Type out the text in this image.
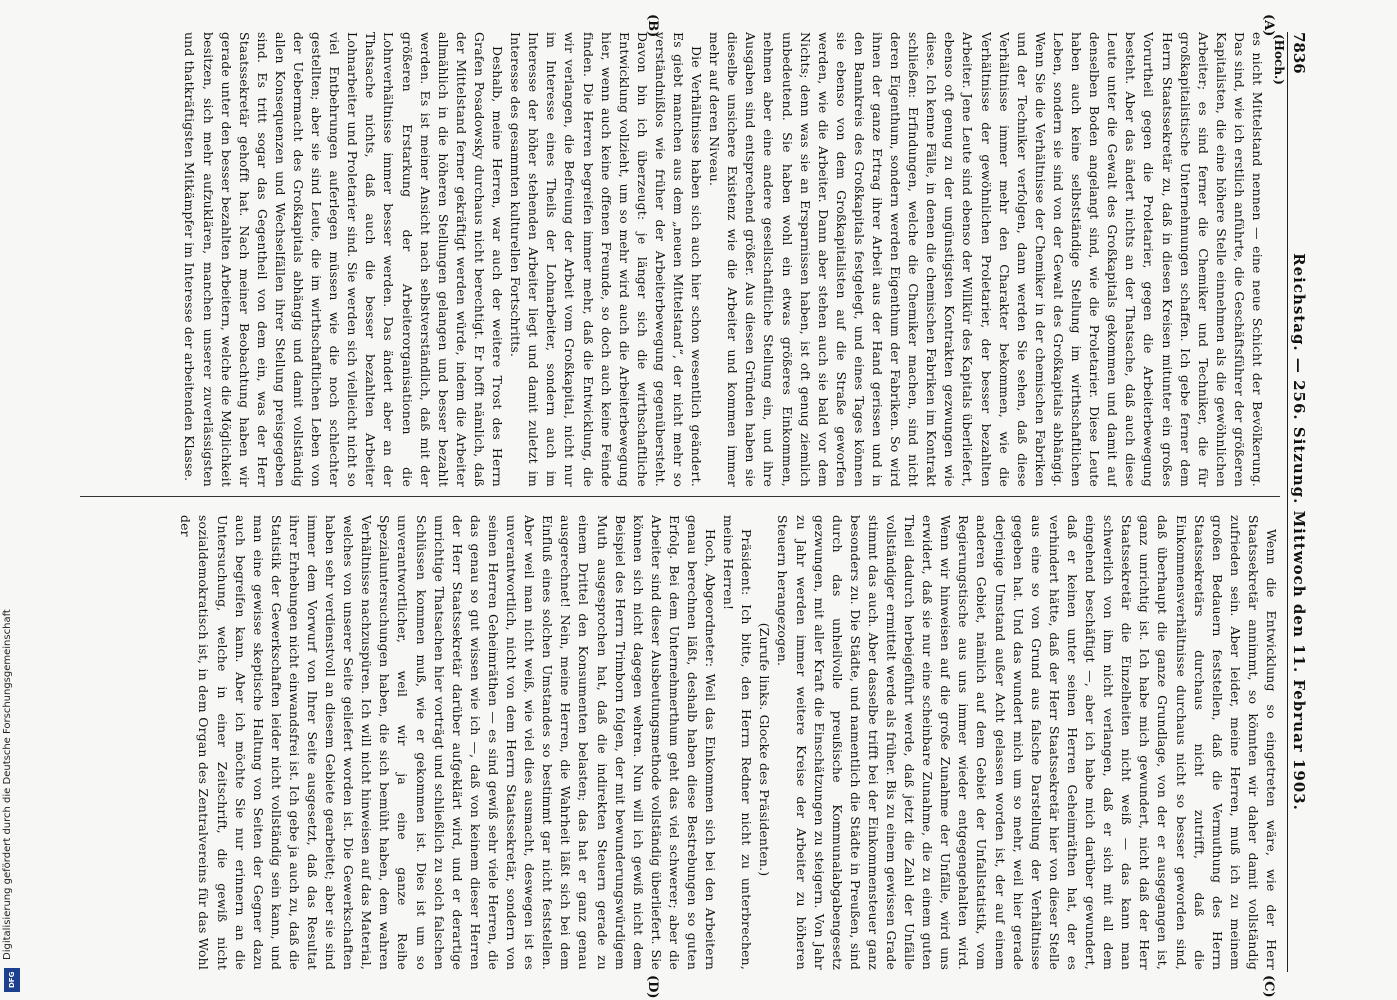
Digitalisierung gefördert durch die Deutsche Forschungsgemeinschaft
DFG
7836
Reichstag. — 256. Sitzung. Mittwoch den 11. Februar 1903.
(Hoch.)
(A)
(B)
(C)
(D)

es nicht Mittelstand nennen — eine neue Schicht der Bevölkerung. Das sind, wie ich erstlich anführte, die Geschäftsführer der größeren Kapitalisten, die eine höhere Stelle einnehmen als die gewöhnlichen Arbeiter; es sind ferner die Chemiker und Techniker, die für großkapitalistische Unternehmungen schaffen. Ich gebe ferner dem Herrn Staatssekretär zu, daß in diesen Kreisen mitunter ein großes Vorurtheil gegen die Proletarier, gegen die Arbeiterbewegung besteht. Aber das ändert nichts an der Thatsache, daß auch diese Leute unter die Gewalt des Großkapitals gekommen und damit auf denselben Boden angelangt sind, wie die Proletarier. Diese Leute haben auch keine selbstständige Stellung im wirthschaftlichen Leben, sondern sie sind von der Gewalt des Großkapitals abhängig. Wenn Sie die Verhältnisse der Chemiker in der chemischen Fabriken und der Techniker verfolgen, dann werden Sie sehen, daß diese Verhältnisse immer mehr den Charakter bekommen, wie die Verhältnisse der gewöhnlichen Proletarier, der besser bezahlten Arbeiter. Jene Leute sind ebenso der Willkür des Kapitals überliefert, ebenso oft genug zu der ungünstigsten Kontrakten gezwungen wie diese. Ich kenne Fälle, in denen die chemischen Fabriken im Kontrakt schließen: Erfindungen, welche die Chemiker machen, sind nicht deren Eigenthum, sondern werden Eigenthum der Fabriken. So wird ihnen der ganze Ertrag ihrer Arbeit aus der Hand gerissen und in den Bannkreis des Großkapitals festgelegt, und eines Tages können sie ebenso von dem Großkapitalisten auf die Straße geworfen werden, wie die Arbeiter. Dann aber stehen auch sie bald vor dem Nichts; denn was sie an Ersparnissen haben, ist oft genug ziemlich unbedeutend. Sie haben wohl ein etwas größeres Einkommen, nehmen aber eine andere gesellschaftliche Stellung ein, und ihre Ausgaben sind entsprechend größer. Aus diesen Gründen haben sie dieselbe unsichere Existenz wie die Arbeiter und kommen immer mehr auf deren Niveau.

Die Verhältnisse haben sich auch hier schon wesentlich geändert. Es giebt manchen aus dem „neuen Mittelstand“, der nicht mehr so verständnißlos wie früher der Arbeiterbewegung gegenübersteht. Davon bin ich überzeugt: je länger sich die wirthschaftliche Entwicklung vollzieht, um so mehr wird auch die Arbeiterbewegung hier, wenn auch keine offenen Freunde, so doch auch keine Feinde finden. Die Herren begreifen immer mehr, daß die Entwicklung, die wir verlangen, die Befreiung der Arbeit vom Großkapital, nicht nur im Interesse eines Theils der Lohnarbeiter, sondern auch im Interesse der höher stehenden Arbeiter liegt und damit zuletzt im Interesse des gesammten kulturellen Fortschritts.

Deshalb, meine Herren, war auch der weitere Trost des Herrn Grafen Posadowsky durchaus nicht berechtigt. Er hofft nämlich, daß der Mittelstand ferner gekräftigt werden würde, indem die Arbeiter allmählich in die höheren Stellungen gelangen und besser bezahlt werden. Es ist meiner Ansicht nach selbstverständlich, daß mit der größeren Erstarkung der Arbeiterorganisationen die Lohnverhältnisse immer besser werden. Das ändert aber an der Thatsache nichts, daß auch die besser bezahlten Arbeiter Lohnarbeiter und Proletarier sind. Sie werden sich vielleicht nicht so viel Entbehrungen auferlegen müssen wie die noch schlechter gestellten; aber sie sind Leute, die im wirthschaftlichen Leben von der Uebermacht des Großkapitals abhängig und damit vollständig allen Konsequenzen und Wechselfällen ihrer Stellung preisgegeben sind. Es tritt sogar das Gegentheil von dem ein, was der Herr Staatssekretär gehofft hat. Nach meiner Beobachtung haben wir gerade unter den besser bezahlten Arbeitern, welche die Möglichkeit besitzen, sich mehr aufzuklären, manchen unserer zuverlässigsten und thatkräftigsten Mitkämpfer im Interesse der arbeitenden Klasse.

Wenn die Entwicklung so eingetreten wäre, wie der Herr Staatssekretär annimmt, so könnten wir daher damit vollständig zufrieden sein. Aber leider, meine Herren, muß ich zu meinem großen Bedauern feststellen, daß die Vermuthung des Herrn Staatssekretärs durchaus nicht zutrifft, daß die Einkommensverhältnisse durchaus nicht so besser geworden sind, daß überhaupt die ganze Grundlage, von der er ausgegangen ist, ganz unrichtig ist. Ich habe mich gewundert, nicht daß der Herr Staatssekretär die Einzelheiten nicht weiß — das kann man schwerlich von ihm nicht verlangen, daß er sich mit all dem eingehend beschäftigt —, aber ich habe mich darüber gewundert, daß er keinen unter seinen Herren Geheimräthen hat, der es verhindert hätte, daß der Herr Staatssekretär hier von dieser Stelle aus eine so von Grund aus falsche Darstellung der Verhältnisse gegeben hat. Und das wundert mich um so mehr, weil hier gerade derjenige Umstand außer Acht gelassen worden ist, der auf einem anderen Gebiet, nämlich auf dem Gebiet der Unfallstatistik, vom Regierungstische aus uns immer wieder entgegengehalten wird. Wenn wir hinweisen auf die große Zunahme der Unfälle, wird uns erwidert, daß sie nur eine scheinbare Zunahme, die zu einem guten Theil dadurch herbeigeführt werde, daß jetzt die Zahl der Unfälle vollständiger ermittelt werde als früher. Bis zu einem gewissen Grade stimmt das auch. Aber dasselbe trifft bei der Einkommensteuer ganz besonders zu. Die Städte, und namentlich die Städte in Preußen, sind durch das unheilvolle preußische Kommunalabgabengesetz gezwungen, mit aller Kraft die Einschätzungen zu steigern. Von Jahr zu Jahr werden immer weitere Kreise der Arbeiter zu höheren Steuern herangezogen.

(Zurufe links. Glocke des Präsidenten.)

Präsident: Ich bitte, den Herrn Redner nicht zu unterbrechen, meine Herren!

Hoch, Abgeordneter: Weil das Einkommen sich bei den Arbeitern genau berechnen läßt, deshalb haben diese Bestrebungen so guten Erfolg. Bei dem Unternehmerthum geht das viel schwerer; aber die Arbeiter sind dieser Ausbeutungsmethode vollständig überliefert. Sie können sich nicht dagegen wehren. Nun will ich gewiß nicht dem Beispiel des Herrn Trimborn folgen, der mit bewunderungswürdigem Muth ausgesprochen hat, daß die indirekten Steuern gerade zu einem Drittel den Konsumenten belasten; das hat er ganz genau ausgerechnet! Nein, meine Herren, die Wahrheit läßt sich bei dem Einfluß eines solchen Umstandes so bestimmt gar nicht feststellen. Aber weil man nicht weiß, wie viel dies ausmacht, deswegen ist es unverantwortlich, nicht von dem Herrn Staatssekretär, sondern von seinen Herren Geheimräthen — es sind gewiß sehr viele Herren, die das genau so gut wissen wie ich —, daß von keinem dieser Herren der Herr Staatssekretär darüber aufgeklärt wird, und er derartige unrichtige Thatsachen hier vorträgt und schließlich zu solch falschen Schlüssen kommen muß, wie er gekommen ist. Dies ist um so unverantwortlicher, weil wir ja eine ganze Reihe Spezialuntersuchungen haben, die sich bemüht haben, dem wahren Verhältnisse nachzuspüren. Ich will nicht hinweisen auf das Material, welches von unserer Seite geliefert worden ist. Die Gewerkschaften haben sehr verdienstvoll an diesem Gebiete gearbeitet; aber sie sind immer dem Vorwurf von Ihrer Seite ausgesetzt, daß das Resultat ihrer Erhebungen nicht einwandsfrei ist. Ich gebe ja auch zu, daß die Statistik der Gewerkschaften leider nicht vollständig sein kann, und man eine gewisse skeptische Haltung von Seiten der Gegner dazu auch begreifen kann. Aber ich möchte Sie nur erinnern an die Untersuchung, welche in einer Zeitschrift, die gewiß nicht sozialdemokratisch ist, in dem Organ des Zentralvereins für das Wohl der
